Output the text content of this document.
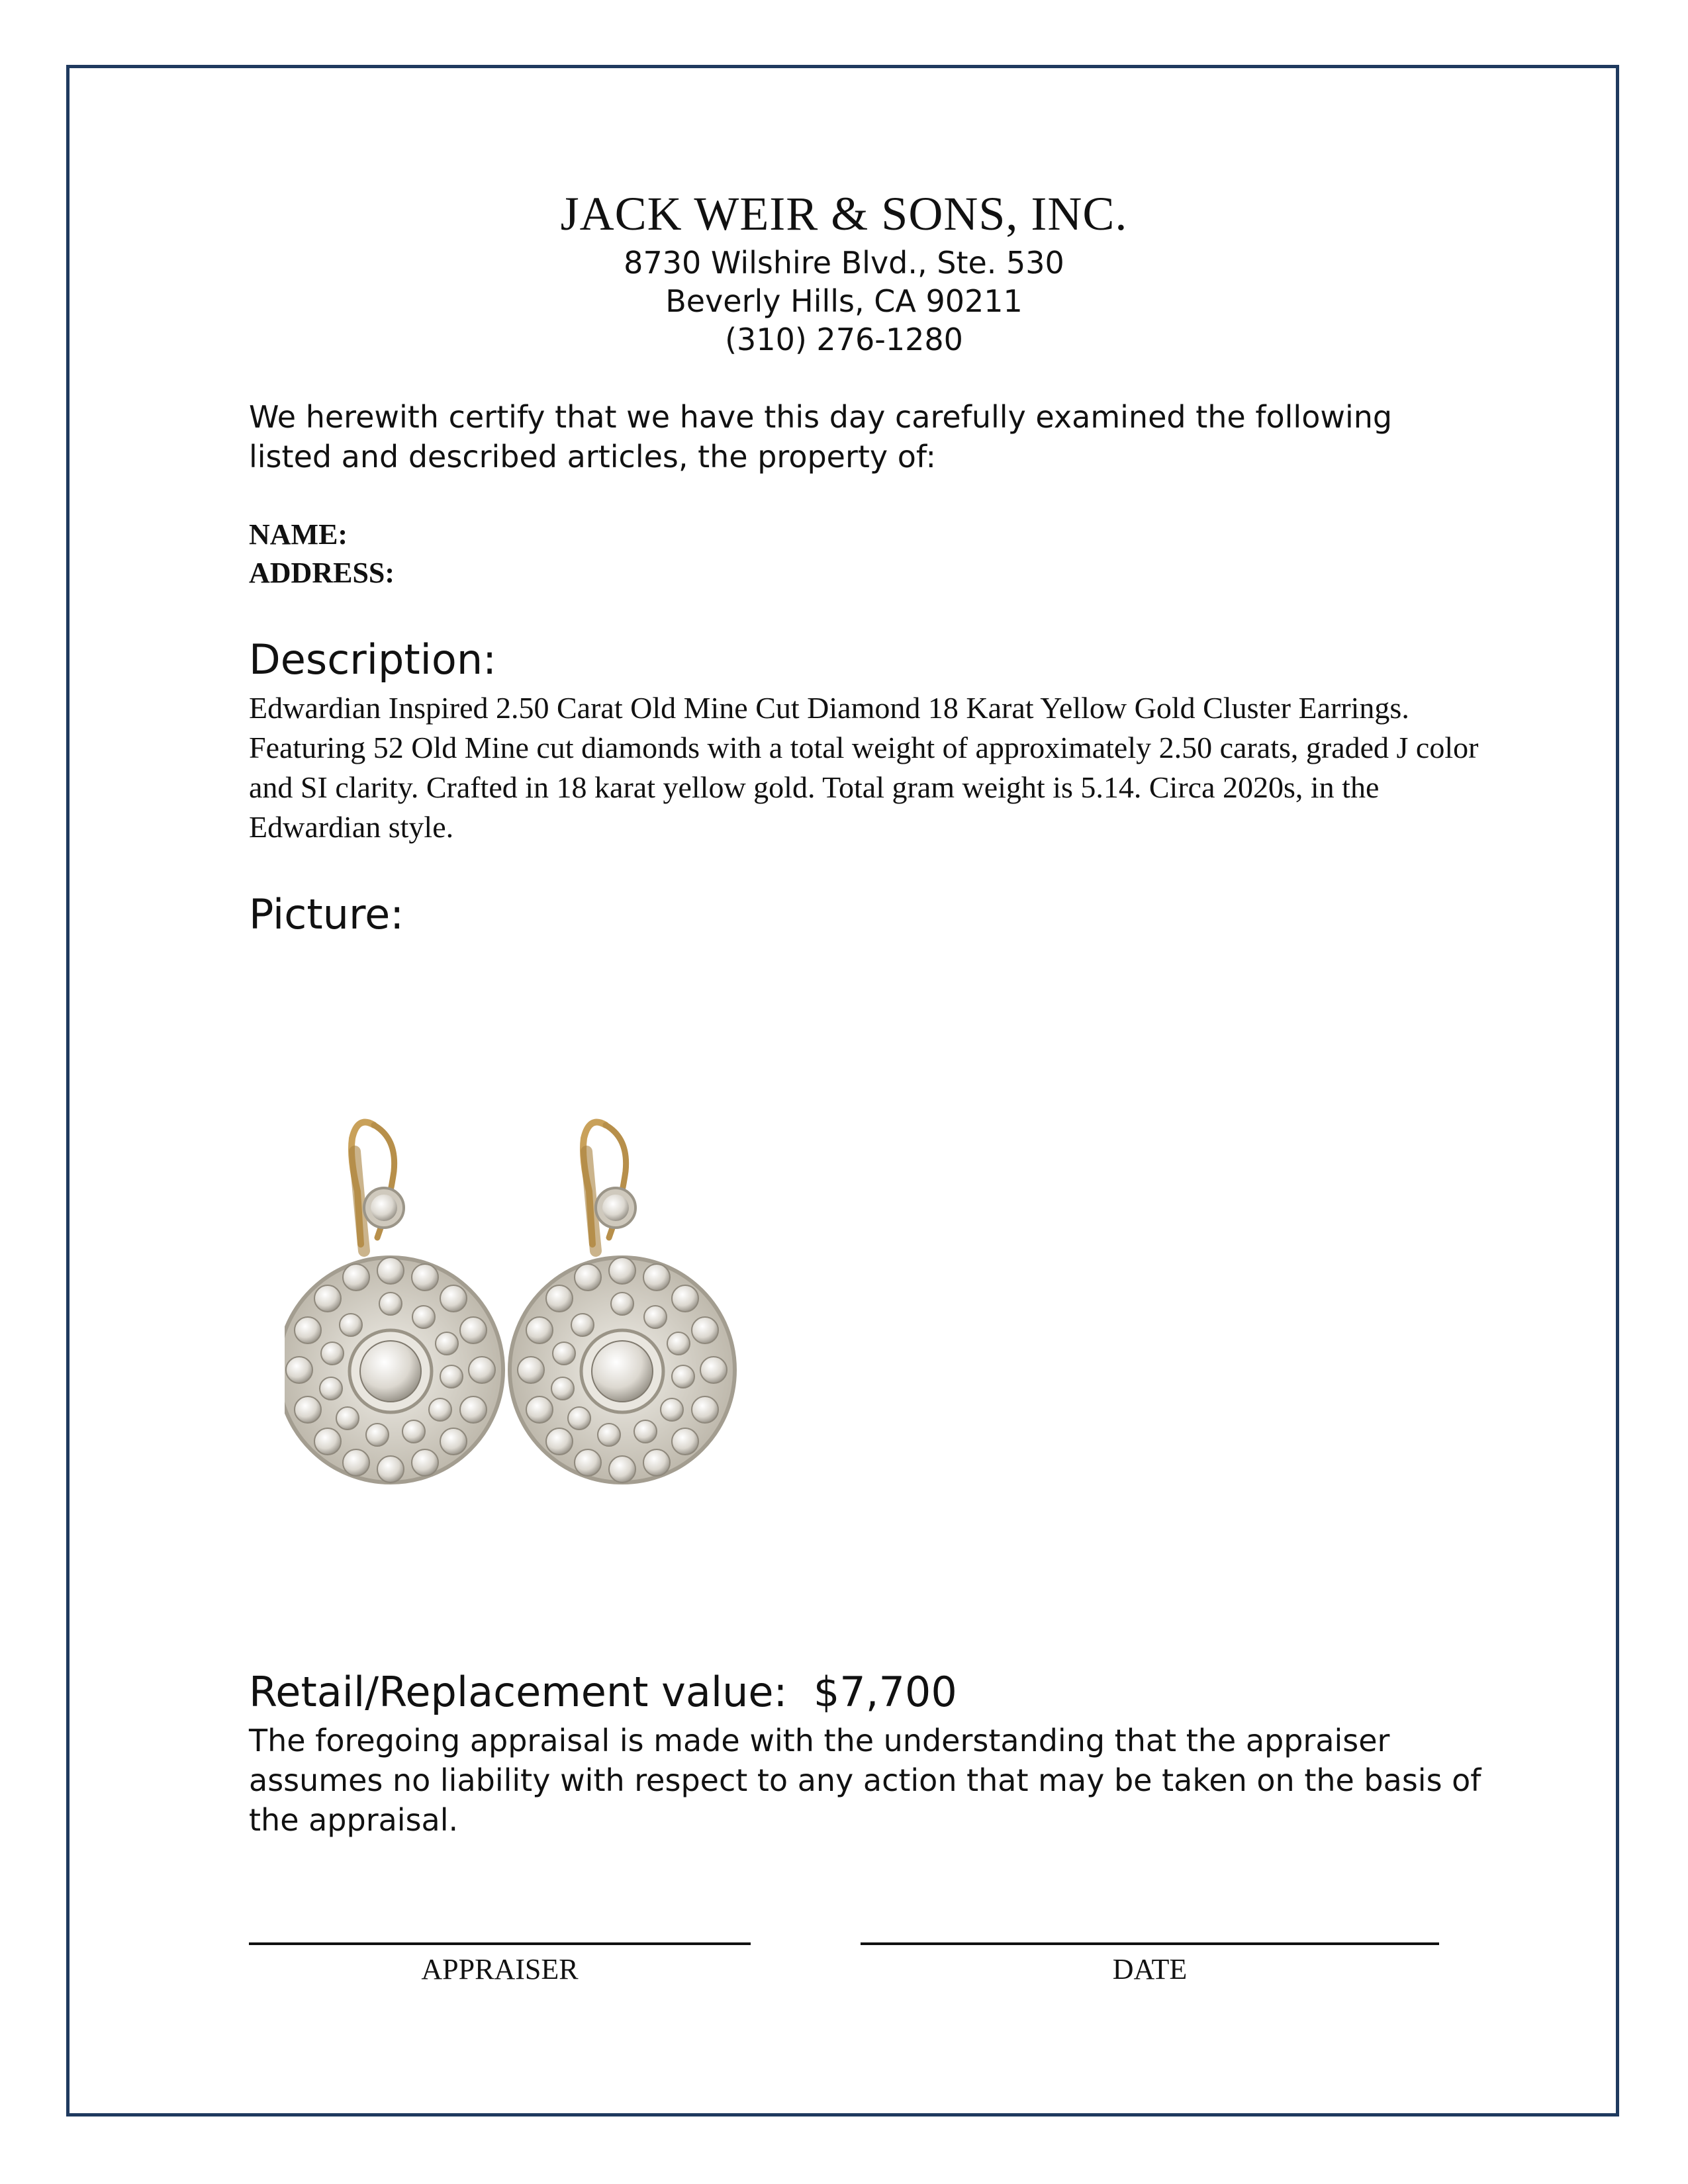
JACK WEIR & SONS, INC.
8730 Wilshire Blvd., Ste. 530
Beverly Hills, CA 90211
(310) 276-1280
We herewith certify that we have this day carefully examined the following listed and described articles, the property of:
NAME:
ADDRESS:
Description:
Edwardian Inspired 2.50 Carat Old Mine Cut Diamond 18 Karat Yellow Gold Cluster Earrings. Featuring 52 Old Mine cut diamonds with a total weight of approximately 2.50 carats, graded J color and SI clarity. Crafted in 18 karat yellow gold. Total gram weight is 5.14. Circa 2020s, in the Edwardian style.
Picture:
Retail/Replacement value: $7,700
The foregoing appraisal is made with the understanding that the appraiser assumes no liability with respect to any action that may be taken on the basis of the appraisal.
APPRAISER	DATE
